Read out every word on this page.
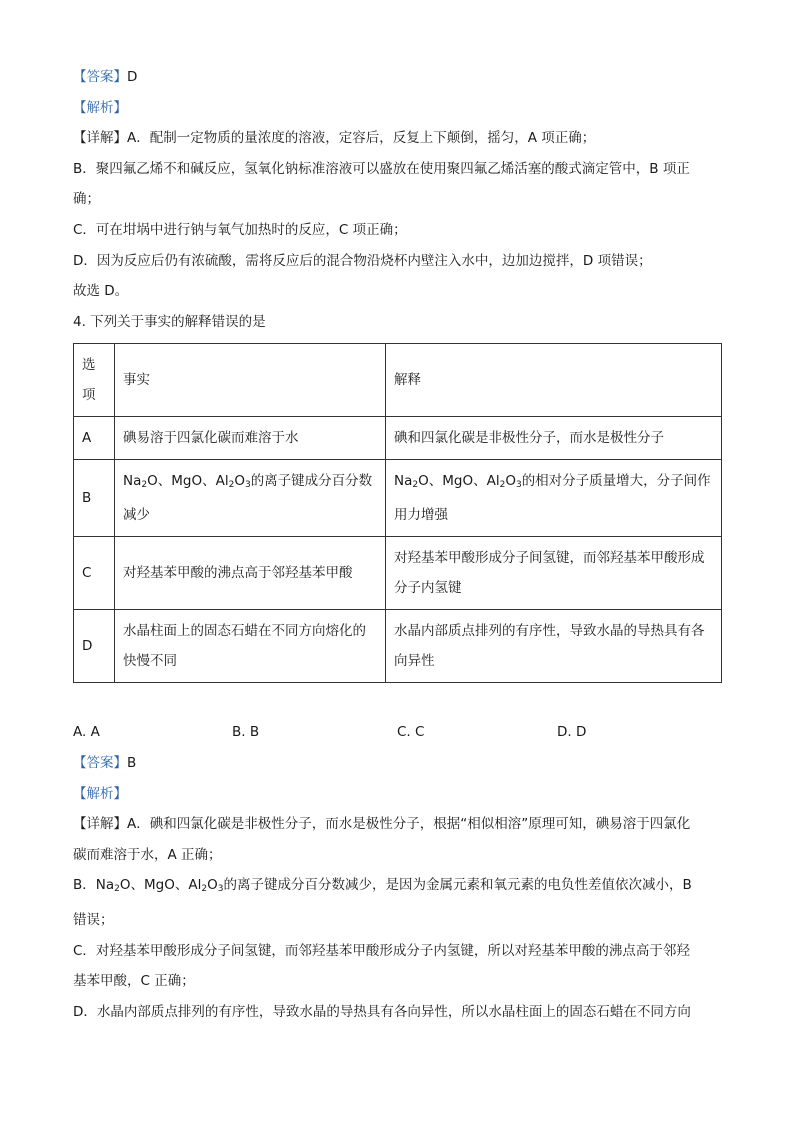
【答案】D

【解析】

【详解】A．配制一定物质的量浓度的溶液，定容后，反复上下颠倒，摇匀，A 项正确；

B．聚四氟乙烯不和碱反应，氢氧化钠标准溶液可以盛放在使用聚四氟乙烯活塞的酸式滴定管中，B 项正

确；

C．可在坩埚中进行钠与氧气加热时的反应，C 项正确；

D．因为反应后仍有浓硫酸，需将反应后的混合物沿烧杯内壁注入水中，边加边搅拌，D 项错误；

故选 D。

4. 下列关于事实的解释错误的是

选项	事实	解释
A	碘易溶于四氯化碳而难溶于水	碘和四氯化碳是非极性分子，而水是极性分子
B	$Na_2O$、MgO、$Al_2O_3$的离子键成分百分数减少	$Na_2O$、MgO、$Al_2O_3$的相对分子质量增大，分子间作用力增强
C	对羟基苯甲酸的沸点高于邻羟基苯甲酸	对羟基苯甲酸形成分子间氢键，而邻羟基苯甲酸形成分子内氢键
D	水晶柱面上的固态石蜡在不同方向熔化的快慢不同	水晶内部质点排列的有序性，导致水晶的导热具有各向异性
A. A	B. B	C. C	D. D

【答案】B

【解析】

【详解】A．碘和四氯化碳是非极性分子，而水是极性分子，根据“相似相溶”原理可知，碘易溶于四氯化

碳而难溶于水，A 正确；

B．$Na_2O$、MgO、$Al_2O_3$的离子键成分百分数减少，是因为金属元素和氧元素的电负性差值依次减小，B

错误；

C．对羟基苯甲酸形成分子间氢键，而邻羟基苯甲酸形成分子内氢键，所以对羟基苯甲酸的沸点高于邻羟

基苯甲酸，C 正确；

D．水晶内部质点排列的有序性，导致水晶的导热具有各向异性，所以水晶柱面上的固态石蜡在不同方向
